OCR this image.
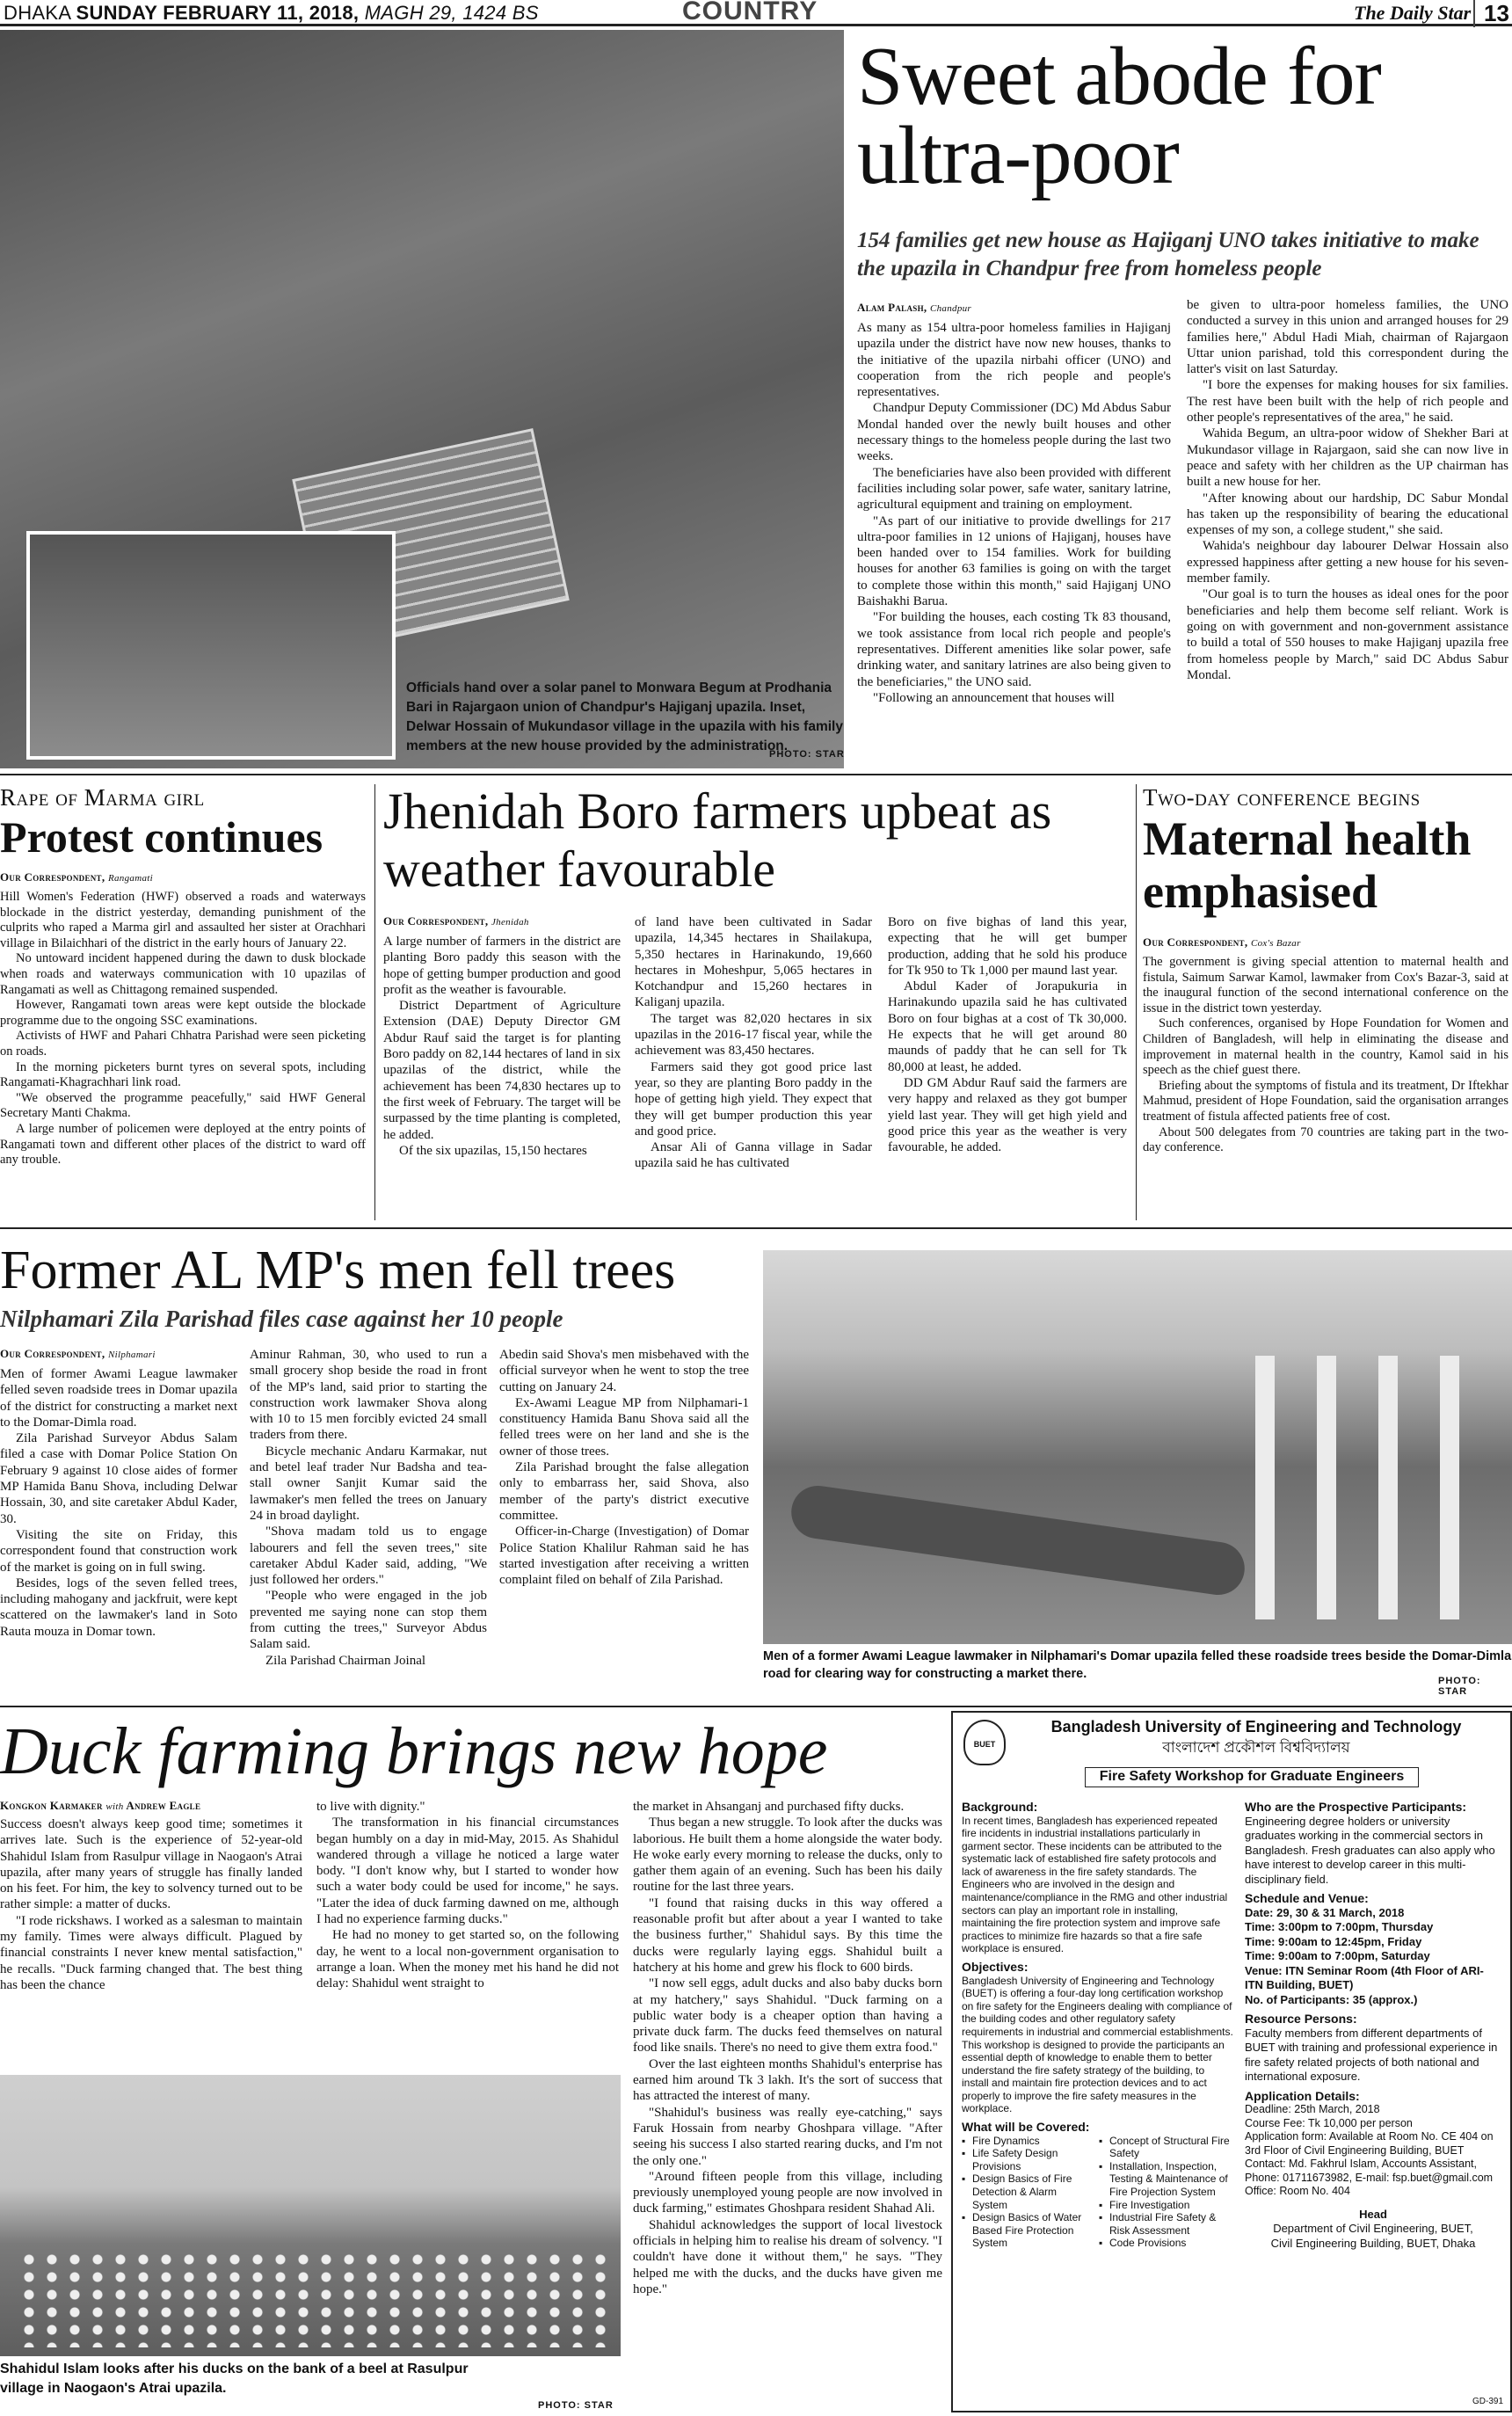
DHAKA SUNDAY FEBRUARY 11, 2018, MAGH 29, 1424 BS	COUNTRY	The Daily Star 13
Officials hand over a solar panel to Monwara Begum at Prodhania Bari in Rajargaon union of Chandpur's Hajiganj upazila. Inset, Delwar Hossain of Mukundasor village in the upazila with his family members at the new house provided by the administration.
PHOTO: STAR
Sweet abode for
ultra-poor
154 families get new house as Hajiganj UNO takes initiative to make the upazila in Chandpur free from homeless people
Alam Palash, Chandpur

As many as 154 ultra-poor homeless families in Hajiganj upazila under the district have now new houses, thanks to the initiative of the upazila nirbahi officer (UNO) and cooperation from the rich people and people's representatives.

Chandpur Deputy Commissioner (DC) Md Abdus Sabur Mondal handed over the newly built houses and other necessary things to the homeless people during the last two weeks.

The beneficiaries have also been provided with different facilities including solar power, safe water, sanitary latrine, agricultural equipment and training on employment.

"As part of our initiative to provide dwellings for 217 ultra-poor families in 12 unions of Hajiganj, houses have been handed over to 154 families. Work for building houses for another 63 families is going on with the target to complete those within this month," said Hajiganj UNO Baishakhi Barua.

"For building the houses, each costing Tk 83 thousand, we took assistance from local rich people and people's representatives. Different amenities like solar power, safe drinking water, and sanitary latrines are also being given to the beneficiaries," the UNO said.

"Following an announcement that houses will

be given to ultra-poor homeless families, the UNO conducted a survey in this union and arranged houses for 29 families here," Abdul Hadi Miah, chairman of Rajargaon Uttar union parishad, told this correspondent during the latter's visit on last Saturday.

"I bore the expenses for making houses for six families. The rest have been built with the help of rich people and other people's representatives of the area," he said.

Wahida Begum, an ultra-poor widow of Shekher Bari at Mukundasor village in Rajargaon, said she can now live in peace and safety with her children as the UP chairman has built a new house for her.

"After knowing about our hardship, DC Sabur Mondal has taken up the responsibility of bearing the educational expenses of my son, a college student," she said.

Wahida's neighbour day labourer Delwar Hossain also expressed happiness after getting a new house for his seven-member family.

"Our goal is to turn the houses as ideal ones for the poor beneficiaries and help them become self reliant. Work is going on with government and non-government assistance to build a total of 550 houses to make Hajiganj upazila free from homeless people by March," said DC Abdus Sabur Mondal.

Rape of Marma girl
Protest continues
Our Correspondent, Rangamati

Hill Women's Federation (HWF) observed a roads and waterways blockade in the district yesterday, demanding punishment of the culprits who raped a Marma girl and assaulted her sister at Orachhari village in Bilaichhari of the district in the early hours of January 22.

No untoward incident happened during the dawn to dusk blockade when roads and waterways communication with 10 upazilas of Rangamati as well as Chittagong remained suspended.

However, Rangamati town areas were kept outside the blockade programme due to the ongoing SSC examinations.

Activists of HWF and Pahari Chhatra Parishad were seen picketing on roads.

In the morning picketers burnt tyres on several spots, including Rangamati-Khagrachhari link road.

"We observed the programme peacefully," said HWF General Secretary Manti Chakma.

A large number of policemen were deployed at the entry points of Rangamati town and different other places of the district to ward off any trouble.

Jhenidah Boro farmers upbeat as weather favourable
Our Correspondent, Jhenidah

A large number of farmers in the district are planting Boro paddy this season with the hope of getting bumper production and good profit as the weather is favourable.

District Department of Agriculture Extension (DAE) Deputy Director GM Abdur Rauf said the target is for planting Boro paddy on 82,144 hectares of land in six upazilas of the district, while the achievement has been 74,830 hectares up to the first week of February. The target will be surpassed by the time planting is completed, he added.

Of the six upazilas, 15,150 hectares

of land have been cultivated in Sadar upazila, 14,345 hectares in Shailakupa, 5,350 hectares in Harinakundo, 19,660 hectares in Moheshpur, 5,065 hectares in Kotchandpur and 15,260 hectares in Kaliganj upazila.

The target was 82,020 hectares in six upazilas in the 2016-17 fiscal year, while the achievement was 83,450 hectares.

Farmers said they got good price last year, so they are planting Boro paddy in the hope of getting high yield. They expect that they will get bumper production this year and good price.

Ansar Ali of Ganna village in Sadar upazila said he has cultivated

Boro on five bighas of land this year, expecting that he will get bumper production, adding that he sold his produce for Tk 950 to Tk 1,000 per maund last year.

Abdul Kader of Jorapukuria in Harinakundo upazila said he has cultivated Boro on four bighas at a cost of Tk 30,000. He expects that he will get around 80 maunds of paddy that he can sell for Tk 80,000 at least, he added.

DD GM Abdur Rauf said the farmers are very happy and relaxed as they got bumper yield last year. They will get high yield and good price this year as the weather is very favourable, he added.

Two-day conference begins
Maternal health emphasised
Our Correspondent, Cox's Bazar

The government is giving special attention to maternal health and fistula, Saimum Sarwar Kamol, lawmaker from Cox's Bazar-3, said at the inaugural function of the second international conference on the issue in the district town yesterday.

Such conferences, organised by Hope Foundation for Women and Children of Bangladesh, will help in eliminating the disease and improvement in maternal health in the country, Kamol said in his speech as the chief guest there.

Briefing about the symptoms of fistula and its treatment, Dr Iftekhar Mahmud, president of Hope Foundation, said the organisation arranges treatment of fistula affected patients free of cost.

About 500 delegates from 70 countries are taking part in the two-day conference.

Former AL MP's men fell trees
Nilphamari Zila Parishad files case against her 10 people
Our Correspondent, Nilphamari

Men of former Awami League lawmaker felled seven roadside trees in Domar upazila of the district for constructing a market next to the Domar-Dimla road.

Zila Parishad Surveyor Abdus Salam filed a case with Domar Police Station On February 9 against 10 close aides of former MP Hamida Banu Shova, including Delwar Hossain, 30, and site caretaker Abdul Kader, 30.

Visiting the site on Friday, this correspondent found that construction work of the market is going on in full swing.

Besides, logs of the seven felled trees, including mahogany and jackfruit, were kept scattered on the lawmaker's land in Soto Rauta mouza in Domar town.

Aminur Rahman, 30, who used to run a small grocery shop beside the road in front of the MP's land, said prior to starting the construction work lawmaker Shova along with 10 to 15 men forcibly evicted 24 small traders from there.

Bicycle mechanic Andaru Karmakar, nut and betel leaf trader Nur Badsha and tea-stall owner Sanjit Kumar said the lawmaker's men felled the trees on January 24 in broad daylight.

"Shova madam told us to engage labourers and fell the seven trees," site caretaker Abdul Kader said, adding, "We just followed her orders."

"People who were engaged in the job prevented me saying none can stop them from cutting the trees," Surveyor Abdus Salam said.

Zila Parishad Chairman Joinal

Abedin said Shova's men misbehaved with the official surveyor when he went to stop the tree cutting on January 24.

Ex-Awami League MP from Nilphamari-1 constituency Hamida Banu Shova said all the felled trees were on her land and she is the owner of those trees.

Zila Parishad brought the false allegation only to embarrass her, said Shova, also member of the party's district executive committee.

Officer-in-Charge (Investigation) of Domar Police Station Khalilur Rahman said he has started investigation after receiving a written complaint filed on behalf of Zila Parishad.

Men of a former Awami League lawmaker in Nilphamari's Domar upazila felled these roadside trees beside the Domar-Dimla road for clearing way for constructing a market there.	PHOTO: STAR
Duck farming brings new hope
Kongkon Karmaker with Andrew Eagle

Success doesn't always keep good time; sometimes it arrives late. Such is the experience of 52-year-old Shahidul Islam from Rasulpur village in Naogaon's Atrai upazila, after many years of struggle has finally landed on his feet. For him, the key to solvency turned out to be rather simple: a matter of ducks.

"I rode rickshaws. I worked as a salesman to maintain my family. Times were always difficult. Plagued by financial constraints I never knew mental satisfaction," he recalls. "Duck farming changed that. The best thing has been the chance

to live with dignity."

The transformation in his financial circumstances began humbly on a day in mid-May, 2015. As Shahidul wandered through a village he noticed a large water body. "I don't know why, but I started to wonder how such a water body could be used for income," he says. "Later the idea of duck farming dawned on me, although I had no experience farming ducks."

He had no money to get started so, on the following day, he went to a local non-government organisation to arrange a loan. When the money met his hand he did not delay: Shahidul went straight to

the market in Ahsanganj and purchased fifty ducks.

Thus began a new struggle. To look after the ducks was laborious. He built them a home alongside the water body. He woke early every morning to release the ducks, only to gather them again of an evening. Such has been his daily routine for the last three years.

"I found that raising ducks in this way offered a reasonable profit but after about a year I wanted to take the business further," Shahidul says. By this time the ducks were regularly laying eggs. Shahidul built a hatchery at his home and grew his flock to 600 birds.

"I now sell eggs, adult ducks and also baby ducks born at my hatchery," says Shahidul. "Duck farming on a public water body is a cheaper option than having a private duck farm. The ducks feed themselves on natural food like snails. There's no need to give them extra food."

Over the last eighteen months Shahidul's enterprise has earned him around Tk 3 lakh. It's the sort of success that has attracted the interest of many.

"Shahidul's business was really eye-catching," says Faruk Hossain from nearby Ghoshpara village. "After seeing his success I also started rearing ducks, and I'm not the only one."

"Around fifteen people from this village, including previously unemployed young people are now involved in duck farming," estimates Ghoshpara resident Shahad Ali.

Shahidul acknowledges the support of local livestock officials in helping him to realise his dream of solvency. "I couldn't have done it without them," he says. "They helped me with the ducks, and the ducks have given me hope."

Shahidul Islam looks after his ducks on the bank of a beel at Rasulpur village in Naogaon's Atrai upazila.
PHOTO: STAR
BUET
Bangladesh University of Engineering and Technology
বাংলাদেশ প্রকৌশল বিশ্ববিদ্যালয়
Fire Safety Workshop for Graduate Engineers
Background:

In recent times, Bangladesh has experienced repeated fire incidents in industrial installations particularly in garment sector. These incidents can be attributed to the systematic lack of established fire safety protocols and lack of awareness in the fire safety standards. The Engineers who are involved in the design and maintenance/compliance in the RMG and other industrial sectors can play an important role in installing, maintaining the fire protection system and improve safe practices to minimize fire hazards so that a fire safe workplace is ensured.

Objectives:

Bangladesh University of Engineering and Technology (BUET) is offering a four-day long certification workshop on fire safety for the Engineers dealing with compliance of the building codes and other regulatory safety requirements in industrial and commercial establishments. This workshop is designed to provide the participants an essential depth of knowledge to enable them to better understand the fire safety strategy of the building, to install and maintain fire protection devices and to act properly to improve the fire safety measures in the workplace.

What will be Covered:
▪ Fire Dynamics
▪ Life Safety Design Provisions
▪ Design Basics of Fire Detection & Alarm System
▪ Design Basics of Water Based Fire Protection System
▪ Concept of Structural Fire Safety
▪ Installation, Inspection, Testing & Maintenance of Fire Projection System
▪ Fire Investigation
▪ Industrial Fire Safety & Risk Assessment
▪ Code Provisions
Who are the Prospective Participants:

Engineering degree holders or university graduates working in the commercial sectors in Bangladesh. Fresh graduates can also apply who have interest to develop career in this multi-disciplinary field.

Schedule and Venue:
Date: 29, 30 & 31 March, 2018
Time: 3:00pm to 7:00pm, Thursday
Time: 9:00am to 12:45pm, Friday
Time: 9:00am to 7:00pm, Saturday
Venue: ITN Seminar Room (4th Floor of ARI-ITN Building, BUET)
No. of Participants: 35 (approx.)
Resource Persons:

Faculty members from different departments of BUET with training and professional experience in fire safety related projects of both national and international exposure.

Application Details:
Deadline: 25th March, 2018
Course Fee: Tk 10,000 per person
Application form: Available at Room No. CE 404 on 3rd Floor of Civil Engineering Building, BUET
Contact: Md. Fakhrul Islam, Accounts Assistant, Phone: 01711673982, E-mail: fsp.buet@gmail.com
Office: Room No. 404
Head
Department of Civil Engineering, BUET,
Civil Engineering Building, BUET, Dhaka
GD-391
